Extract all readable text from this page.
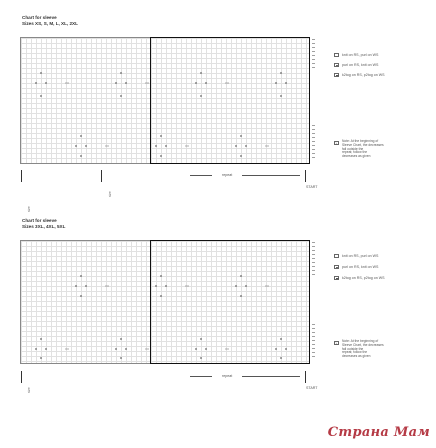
Chart for sleeve
Sizes XS, S, M, L, XL, 2XL
knit on RS, purl on WS
purl on RS, knit on WS
k2tog on RS, p2tog on WS
Note: At the beginning of
Sleeve Chart, the decreases
fall outside the
repeat; follow the
decreases as given
\
size
size
repeat
START
Chart for sleeve
Sizes 3XL, 4XL, 5XL
knit on RS, purl on WS
purl on RS, knit on WS
k2tog on RS, p2tog on WS
Note: At the beginning of
Sleeve Chart, the decreases
fall outside the
repeat; follow the
decreases as given
\
size
repeat
START
Страна Мам
